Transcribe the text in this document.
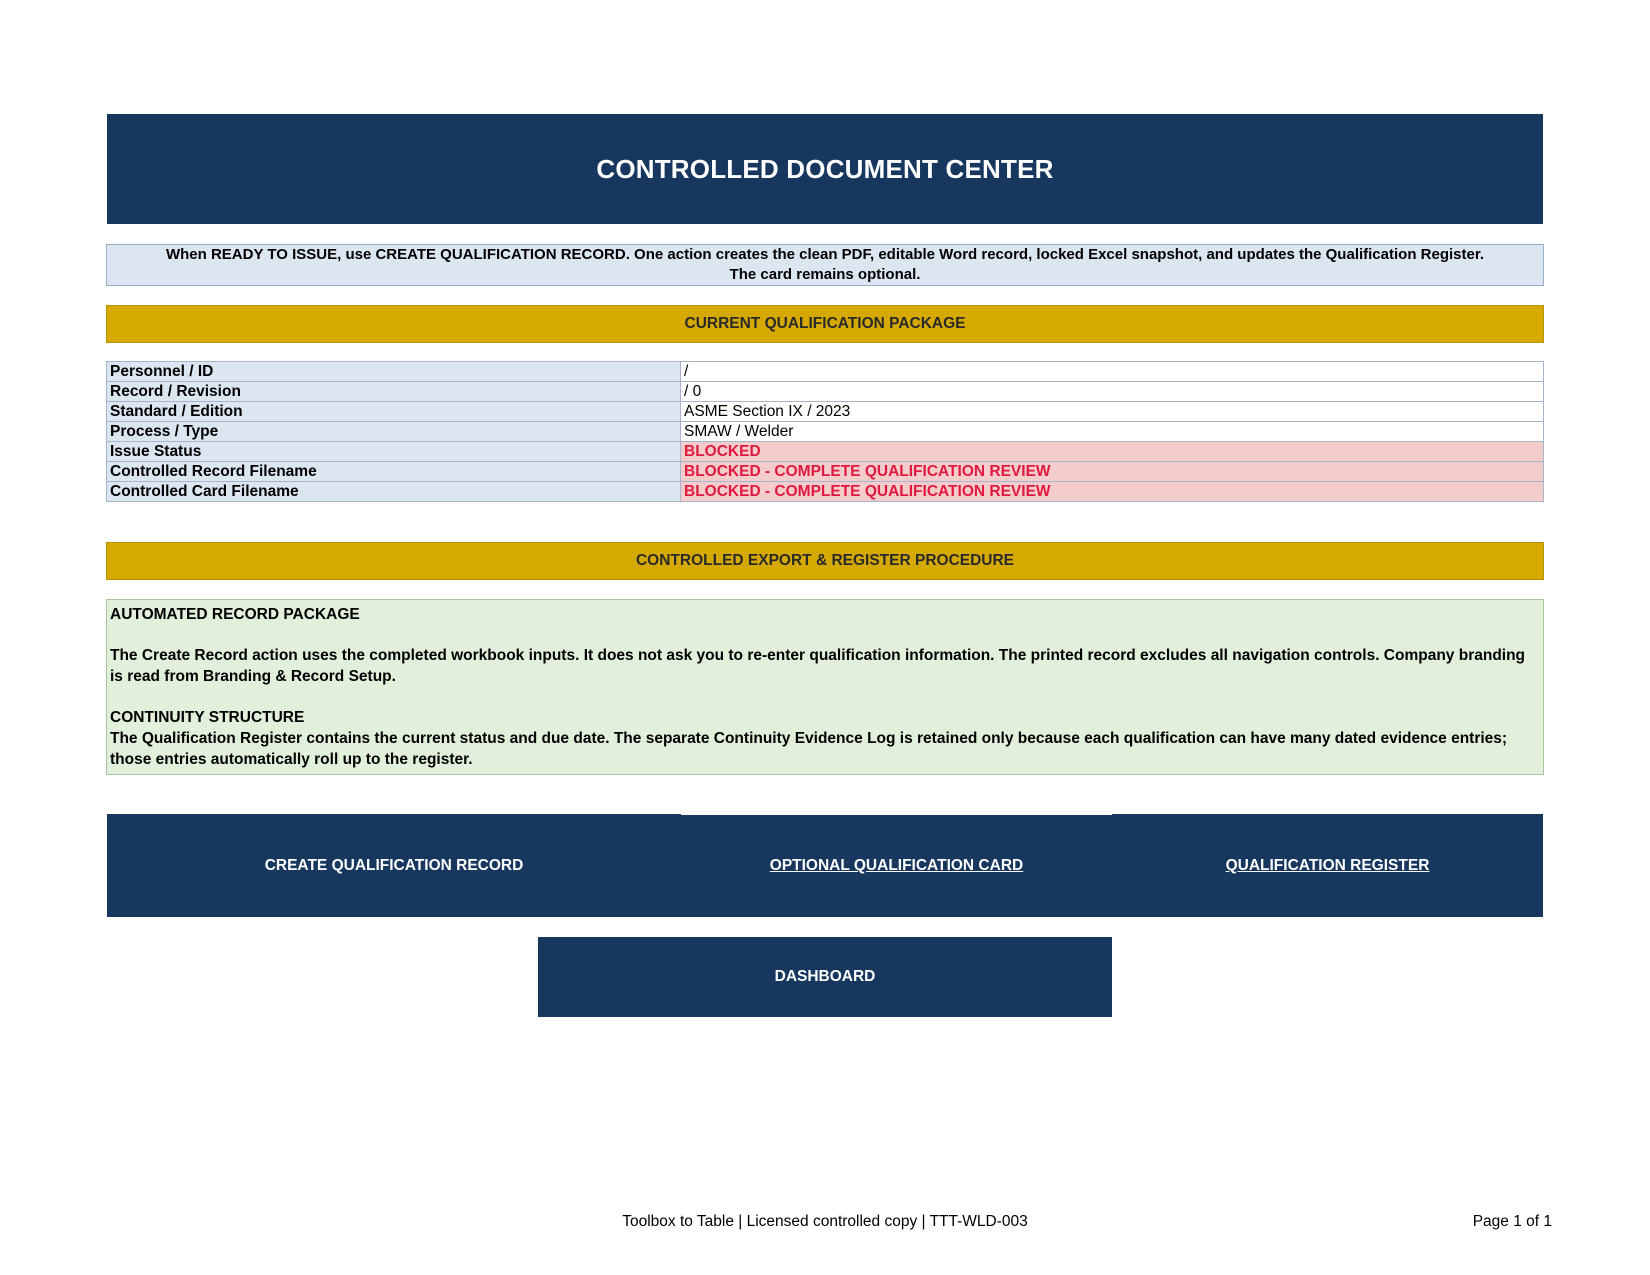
CONTROLLED DOCUMENT CENTER
When READY TO ISSUE, use CREATE QUALIFICATION RECORD. One action creates the clean PDF, editable Word record, locked Excel snapshot, and updates the Qualification Register.
The card remains optional.
CURRENT QUALIFICATION PACKAGE
Personnel / ID	/
Record / Revision	/ 0
Standard / Edition	ASME Section IX / 2023
Process / Type	SMAW / Welder
Issue Status	BLOCKED
Controlled Record Filename	BLOCKED - COMPLETE QUALIFICATION REVIEW
Controlled Card Filename	BLOCKED - COMPLETE QUALIFICATION REVIEW
CONTROLLED EXPORT & REGISTER PROCEDURE

AUTOMATED RECORD PACKAGE

The Create Record action uses the completed workbook inputs. It does not ask you to re-enter qualification information. The printed record excludes all navigation controls. Company branding is read from Branding & Record Setup.

CONTINUITY STRUCTURE

The Qualification Register contains the current status and due date. The separate Continuity Evidence Log is retained only because each qualification can have many dated evidence entries; those entries automatically roll up to the register.

CREATE QUALIFICATION RECORD	OPTIONAL QUALIFICATION CARD	QUALIFICATION REGISTER
DASHBOARD
Toolbox to Table | Licensed controlled copy | TTT-WLD-003	Page 1 of 1
